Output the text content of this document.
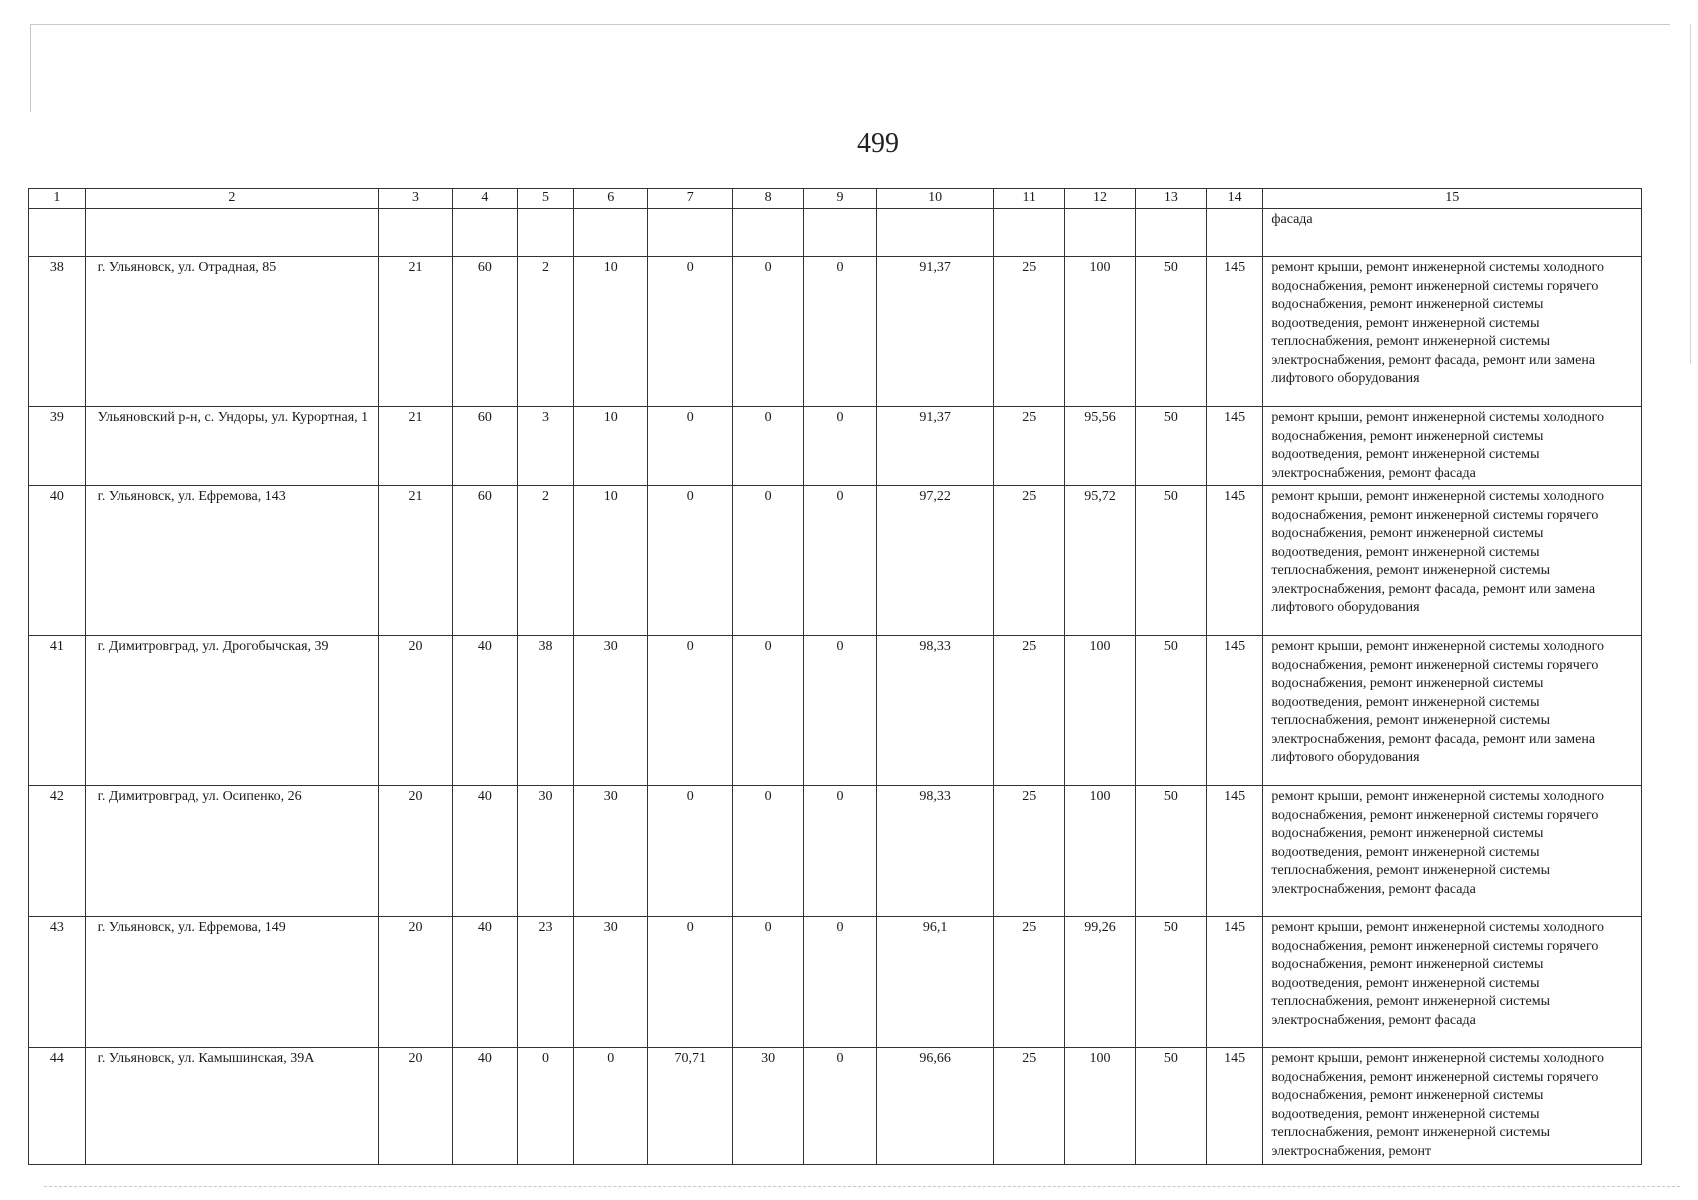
499
1	2	3	4	5	6	7	8	9	10	11	12	13	14	15
														фасада
38	г. Ульяновск, ул. Отрадная, 85	21	60	2	10	0	0	0	91,37	25	100	50	145	ремонт крыши, ремонт инженерной системы холодного водоснабжения, ремонт инженерной системы горячего водоснабжения, ремонт инженерной системы водоотведения, ремонт инженерной системы теплоснабжения, ремонт инженерной системы электроснабжения, ремонт фасада, ремонт или замена лифтового оборудования
39	Ульяновский р-н, с. Ундоры, ул. Курортная, 1	21	60	3	10	0	0	0	91,37	25	95,56	50	145	ремонт крыши, ремонт инженерной системы холодного водоснабжения, ремонт инженерной системы водоотведения, ремонт инженерной системы электроснабжения, ремонт фасада
40	г. Ульяновск, ул. Ефремова, 143	21	60	2	10	0	0	0	97,22	25	95,72	50	145	ремонт крыши, ремонт инженерной системы холодного водоснабжения, ремонт инженерной системы горячего водоснабжения, ремонт инженерной системы водоотведения, ремонт инженерной системы теплоснабжения, ремонт инженерной системы электроснабжения, ремонт фасада, ремонт или замена лифтового оборудования
41	г. Димитровград, ул. Дрогобычская, 39	20	40	38	30	0	0	0	98,33	25	100	50	145	ремонт крыши, ремонт инженерной системы холодного водоснабжения, ремонт инженерной системы горячего водоснабжения, ремонт инженерной системы водоотведения, ремонт инженерной системы теплоснабжения, ремонт инженерной системы электроснабжения, ремонт фасада, ремонт или замена лифтового оборудования
42	г. Димитровград, ул. Осипенко, 26	20	40	30	30	0	0	0	98,33	25	100	50	145	ремонт крыши, ремонт инженерной системы холодного водоснабжения, ремонт инженерной системы горячего водоснабжения, ремонт инженерной системы водоотведения, ремонт инженерной системы теплоснабжения, ремонт инженерной системы электроснабжения, ремонт фасада
43	г. Ульяновск, ул. Ефремова, 149	20	40	23	30	0	0	0	96,1	25	99,26	50	145	ремонт крыши, ремонт инженерной системы холодного водоснабжения, ремонт инженерной системы горячего водоснабжения, ремонт инженерной системы водоотведения, ремонт инженерной системы теплоснабжения, ремонт инженерной системы электроснабжения, ремонт фасада
44	г. Ульяновск, ул. Камышинская, 39А	20	40	0	0	70,71	30	0	96,66	25	100	50	145	ремонт крыши, ремонт инженерной системы холодного водоснабжения, ремонт инженерной системы горячего водоснабжения, ремонт инженерной системы водоотведения, ремонт инженерной системы теплоснабжения, ремонт инженерной системы электроснабжения, ремонт
